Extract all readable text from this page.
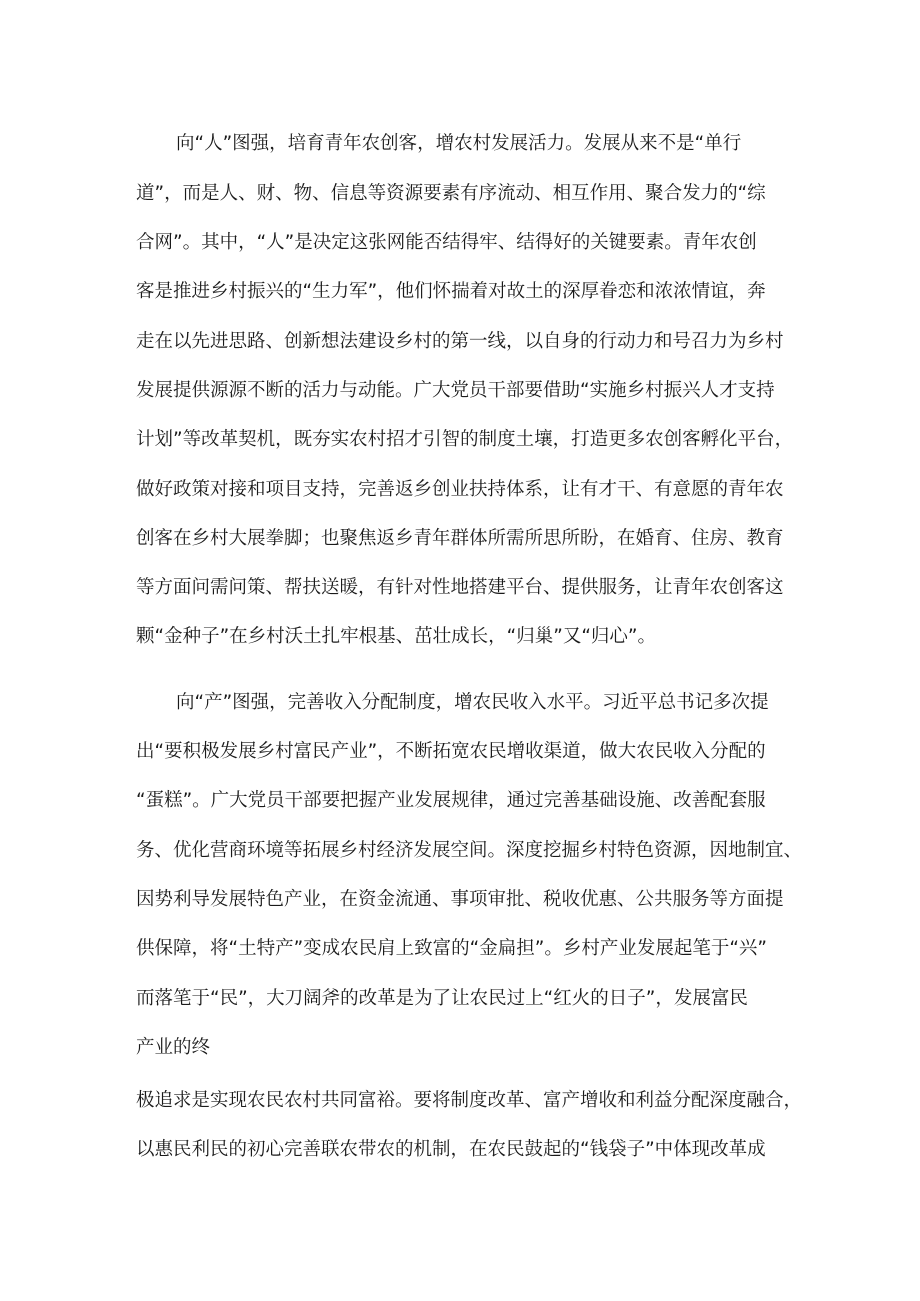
向“人”图强，培育青年农创客，增农村发展活力。发展从来不是“单行
道”，而是人、财、物、信息等资源要素有序流动、相互作用、聚合发力的“综
合网”。其中，“人”是决定这张网能否结得牢、结得好的关键要素。青年农创
客是推进乡村振兴的“生力军”，他们怀揣着对故土的深厚眷恋和浓浓情谊，奔
走在以先进思路、创新想法建设乡村的第一线，以自身的行动力和号召力为乡村
发展提供源源不断的活力与动能。广大党员干部要借助“实施乡村振兴人才支持
计划”等改革契机，既夯实农村招才引智的制度土壤，打造更多农创客孵化平台，
做好政策对接和项目支持，完善返乡创业扶持体系，让有才干、有意愿的青年农
创客在乡村大展拳脚；也聚焦返乡青年群体所需所思所盼，在婚育、住房、教育
等方面问需问策、帮扶送暖，有针对性地搭建平台、提供服务，让青年农创客这
颗“金种子”在乡村沃土扎牢根基、茁壮成长，“归巢”又“归心”。
向“产”图强，完善收入分配制度，增农民收入水平。习近平总书记多次提
出“要积极发展乡村富民产业”，不断拓宽农民增收渠道，做大农民收入分配的
“蛋糕”。广大党员干部要把握产业发展规律，通过完善基础设施、改善配套服
务、优化营商环境等拓展乡村经济发展空间。深度挖掘乡村特色资源，因地制宜、
因势利导发展特色产业，在资金流通、事项审批、税收优惠、公共服务等方面提
供保障，将“土特产”变成农民肩上致富的“金扁担”。乡村产业发展起笔于“兴”
而落笔于“民”，大刀阔斧的改革是为了让农民过上“红火的日子”，发展富民
产业的终
极追求是实现农民农村共同富裕。要将制度改革、富产增收和利益分配深度融合，
以惠民利民的初心完善联农带农的机制，在农民鼓起的“钱袋子”中体现改革成
